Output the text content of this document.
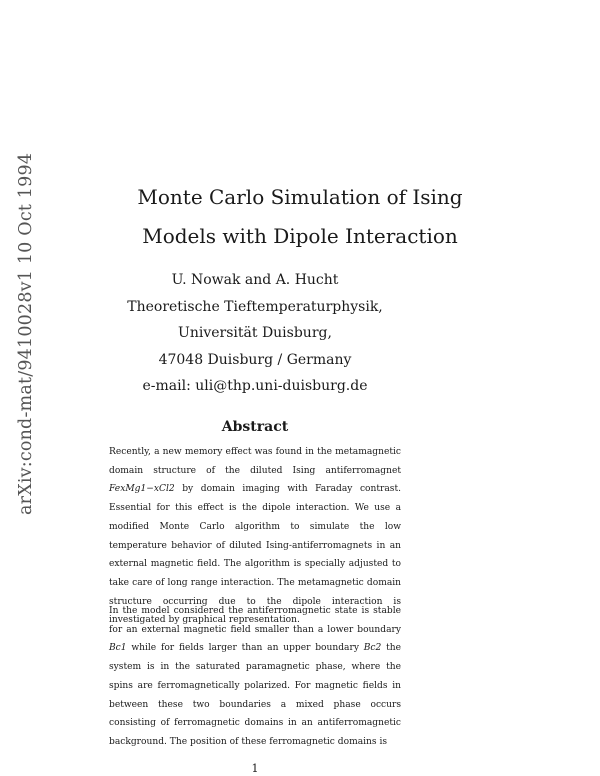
arXiv:cond-mat/9410028v1 10 Oct 1994	Monte Carlo Simulation of Ising
Models with Dipole Interaction
U. Nowak and A. Hucht
Theoretische Tieftemperaturphysik,
Universität Duisburg,
47048 Duisburg / Germany
e-mail: uli@thp.uni-duisburg.de
Abstract
Recently, a new memory effect was found in the metamagnetic domain structure of the diluted Ising antiferromagnet FexMg1−xCl2 by domain imaging with Faraday contrast. Essential for this effect is the dipole interaction. We use a modified Monte Carlo algorithm to simulate the low temperature behavior of diluted Ising-antiferromagnets in an external magnetic field. The algorithm is specially adjusted to take care of long range interaction. The metamagnetic domain structure occurring due to the dipole interaction is investigated by graphical representation.
In the model considered the antiferromagnetic state is stable for an external magnetic field smaller than a lower boundary Bc1 while for fields larger than an upper boundary Bc2 the system is in the saturated paramagnetic phase, where the spins are ferromagnetically polarized. For magnetic fields in between these two boundaries a mixed phase occurs consisting of ferromagnetic domains in an antiferromagnetic background. The position of these ferromagnetic domains is
1
